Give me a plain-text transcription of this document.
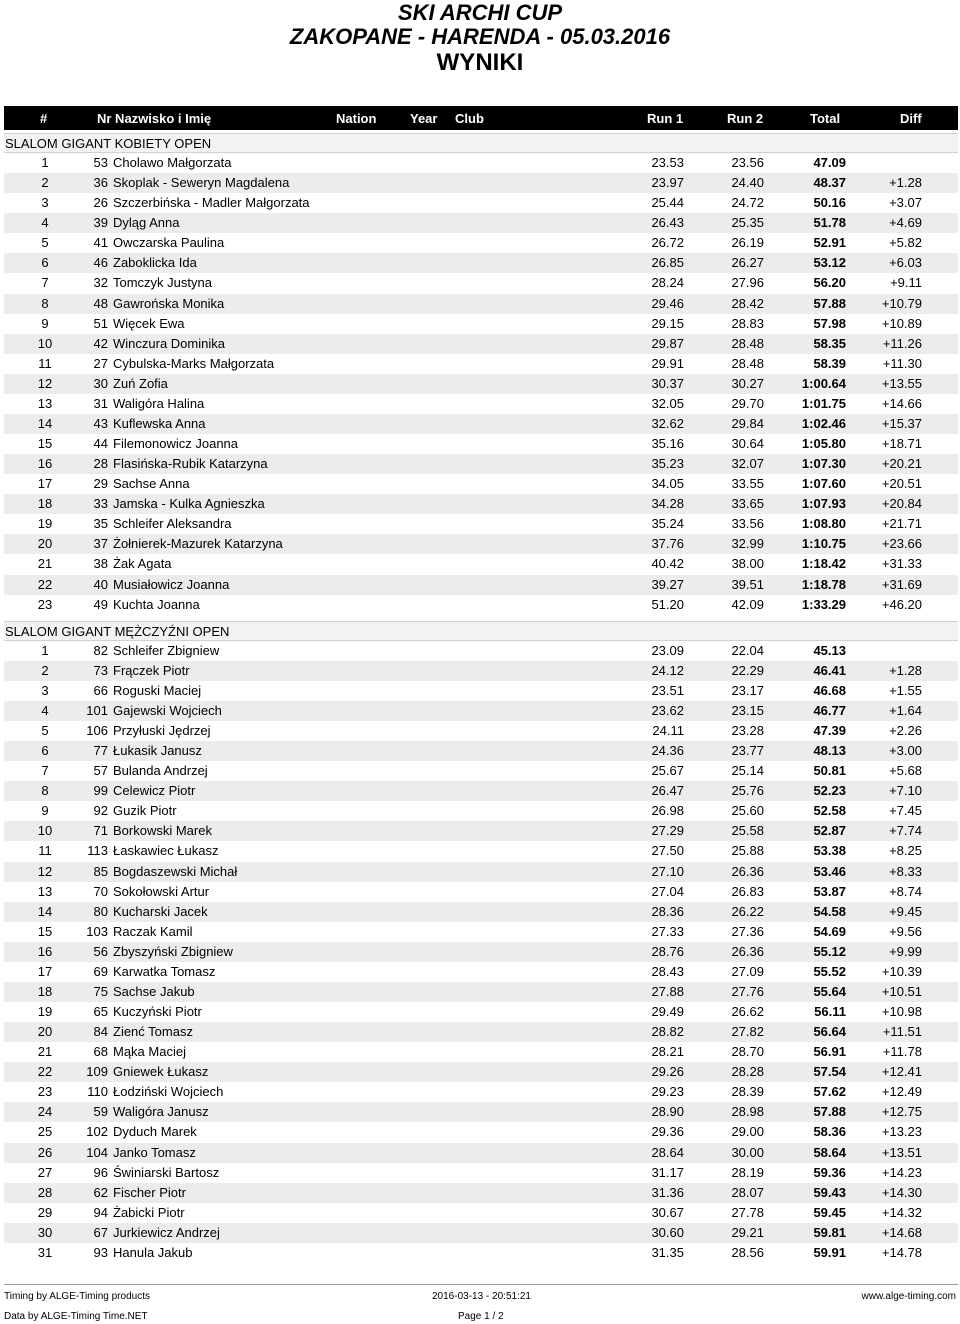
SKI ARCHI CUP
ZAKOPANE - HARENDA - 05.03.2016
WYNIKI
#	Nr Nazwisko i Imię	Nation	Year Club	Run 1	Run 2	Total	Diff
SLALOM GIGANT KOBIETY OPEN
1	53 Cholawo Małgorzata	23.53	23.56	47.09
2	36 Skoplak - Seweryn Magdalena	23.97	24.40	48.37	+1.28
3	26 Szczerbińska - Madler Małgorzata	25.44	24.72	50.16	+3.07
4	39 Dyląg Anna	26.43	25.35	51.78	+4.69
5	41 Owczarska Paulina	26.72	26.19	52.91	+5.82
6	46 Zaboklicka Ida	26.85	26.27	53.12	+6.03
7	32 Tomczyk Justyna	28.24	27.96	56.20	+9.11
8	48 Gawrońska Monika	29.46	28.42	57.88	+10.79
9	51 Więcek Ewa	29.15	28.83	57.98	+10.89
10	42 Winczura Dominika	29.87	28.48	58.35	+11.26
11	27 Cybulska-Marks Małgorzata	29.91	28.48	58.39	+11.30
12	30 Zuń Zofia	30.37	30.27	1:00.64	+13.55
13	31 Waligóra Halina	32.05	29.70	1:01.75	+14.66
14	43 Kuflewska Anna	32.62	29.84	1:02.46	+15.37
15	44 Filemonowicz Joanna	35.16	30.64	1:05.80	+18.71
16	28 Flasińska-Rubik Katarzyna	35.23	32.07	1:07.30	+20.21
17	29 Sachse Anna	34.05	33.55	1:07.60	+20.51
18	33 Jamska - Kulka Agnieszka	34.28	33.65	1:07.93	+20.84
19	35 Schleifer Aleksandra	35.24	33.56	1:08.80	+21.71
20	37 Żołnierek-Mazurek Katarzyna	37.76	32.99	1:10.75	+23.66
21	38 Żak Agata	40.42	38.00	1:18.42	+31.33
22	40 Musiałowicz Joanna	39.27	39.51	1:18.78	+31.69
23	49 Kuchta Joanna	51.20	42.09	1:33.29	+46.20
SLALOM GIGANT MĘŻCZYŹNI OPEN
1	82 Schleifer Zbigniew	23.09	22.04	45.13
2	73 Frączek Piotr	24.12	22.29	46.41	+1.28
3	66 Roguski Maciej	23.51	23.17	46.68	+1.55
4	101 Gajewski Wojciech	23.62	23.15	46.77	+1.64
5	106 Przyłuski Jędrzej	24.11	23.28	47.39	+2.26
6	77 Łukasik Janusz	24.36	23.77	48.13	+3.00
7	57 Bulanda Andrzej	25.67	25.14	50.81	+5.68
8	99 Celewicz Piotr	26.47	25.76	52.23	+7.10
9	92 Guzik Piotr	26.98	25.60	52.58	+7.45
10	71 Borkowski Marek	27.29	25.58	52.87	+7.74
11	113 Łaskawiec Łukasz	27.50	25.88	53.38	+8.25
12	85 Bogdaszewski Michał	27.10	26.36	53.46	+8.33
13	70 Sokołowski Artur	27.04	26.83	53.87	+8.74
14	80 Kucharski Jacek	28.36	26.22	54.58	+9.45
15	103 Raczak Kamil	27.33	27.36	54.69	+9.56
16	56 Zbyszyński Zbigniew	28.76	26.36	55.12	+9.99
17	69 Karwatka Tomasz	28.43	27.09	55.52	+10.39
18	75 Sachse Jakub	27.88	27.76	55.64	+10.51
19	65 Kuczyński Piotr	29.49	26.62	56.11	+10.98
20	84 Zienć Tomasz	28.82	27.82	56.64	+11.51
21	68 Mąka Maciej	28.21	28.70	56.91	+11.78
22	109 Gniewek Łukasz	29.26	28.28	57.54	+12.41
23	110 Łodziński Wojciech	29.23	28.39	57.62	+12.49
24	59 Waligóra Janusz	28.90	28.98	57.88	+12.75
25	102 Dyduch Marek	29.36	29.00	58.36	+13.23
26	104 Janko Tomasz	28.64	30.00	58.64	+13.51
27	96 Świniarski Bartosz	31.17	28.19	59.36	+14.23
28	62 Fischer Piotr	31.36	28.07	59.43	+14.30
29	94 Żabicki Piotr	30.67	27.78	59.45	+14.32
30	67 Jurkiewicz Andrzej	30.60	29.21	59.81	+14.68
31	93 Hanula Jakub	31.35	28.56	59.91	+14.78
Timing by ALGE-Timing products	2016-03-13 - 20:51:21	www.alge-timing.com
Data by ALGE-Timing Time.NET	Page 1 / 2
